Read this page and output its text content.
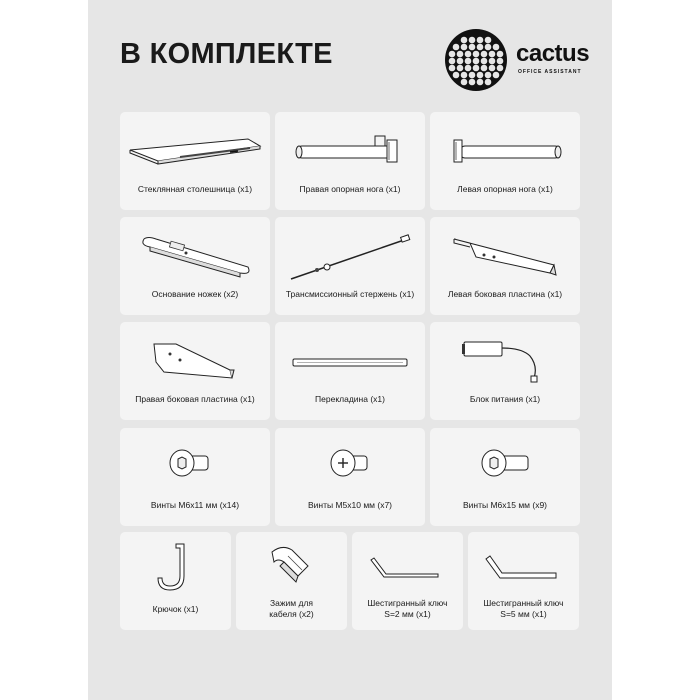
В КОМПЛЕКТЕ	cactus
OFFICE ASSISTANT
Стеклянная столешница (x1)	Правая опорная нога (x1)	Левая опорная нога (x1)
Основание ножек (x2)	Трансмиссионный стержень (x1)	Левая боковая пластина (x1)
Правая боковая пластина (x1)	Перекладина (x1)	Блок питания (x1)
Винты M6x11 мм (x14)	Винты M5x10 мм (x7)	Винты M6x15 мм (x9)
Крючок (x1)
Зажим для
кабеля (x2)
Шестигранный ключ
S=2 мм (x1)
Шестигранный ключ
S=5 мм (x1)
